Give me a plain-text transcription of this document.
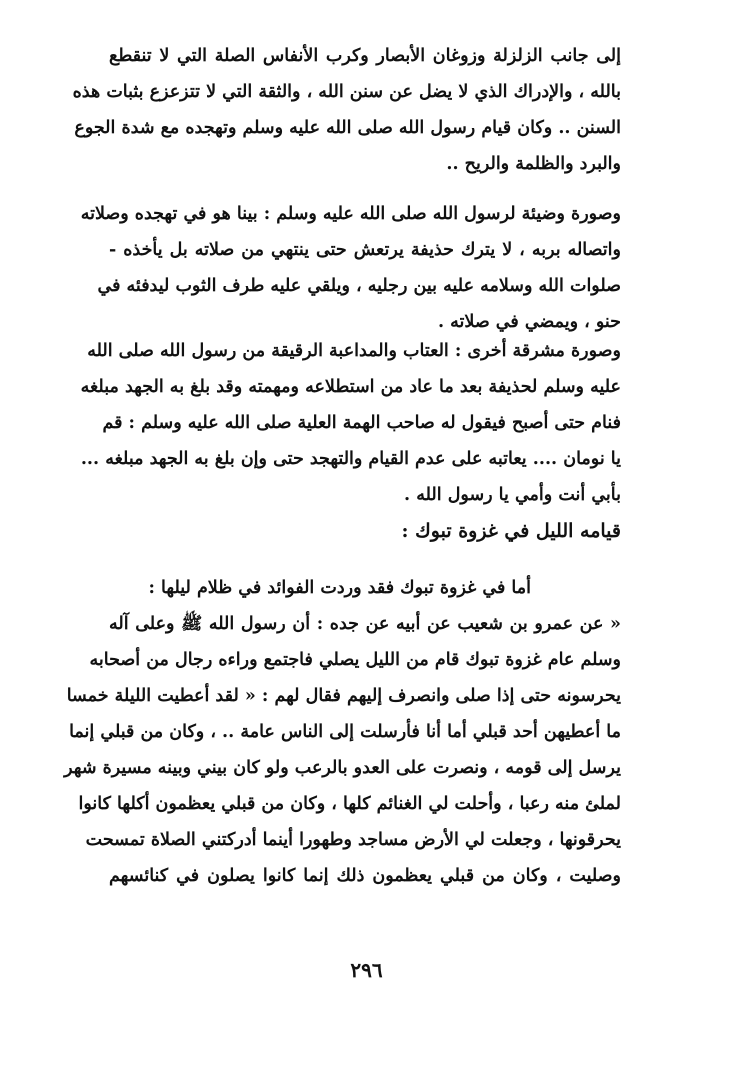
إلى جانب الزلزلة وزوغان الأبصار وكرب الأنفاس الصلة التي لا تنقطع
بالله ، والإدراك الذي لا يضل عن سنن الله ، والثقة التي لا تتزعزع بثبات هذه
السنن .. وكان قيام رسول الله صلى الله عليه وسلم وتهجده مع شدة الجوع
والبرد والظلمة والريح ..
وصورة وضيئة لرسول الله صلى الله عليه وسلم : بينا هو في تهجده وصلاته
واتصاله بربه ، لا يترك حذيفة يرتعش حتى ينتهي من صلاته بل يأخذه -
صلوات الله وسلامه عليه بين رجليه ، ويلقي عليه طرف الثوب ليدفئه في
حنو ، ويمضي في صلاته .
وصورة مشرقة أخرى : العتاب والمداعبة الرقيقة من رسول الله صلى الله
عليه وسلم لحذيفة بعد ما عاد من استطلاعه ومهمته وقد بلغ به الجهد مبلغه
فنام حتى أصبح فيقول له صاحب الهمة العلية صلى الله عليه وسلم : قم
يا نومان .... يعاتبه على عدم القيام والتهجد حتى وإن بلغ به الجهد مبلغه ...
بأبي أنت وأمي يا رسول الله .
قيامه الليل في غزوة تبوك :
أما في غزوة تبوك فقد وردت الفوائد في ظلام ليلها :
« عن عمرو بن شعيب عن أبيه عن جده : أن رسول الله ﷺ وعلى آله
وسلم عام غزوة تبوك قام من الليل يصلي فاجتمع وراءه رجال من أصحابه
يحرسونه حتى إذا صلى وانصرف إليهم فقال لهم : « لقد أعطيت الليلة خمسا
ما أعطيهن أحد قبلي أما أنا فأرسلت إلى الناس عامة .. ، وكان من قبلي إنما
يرسل إلى قومه ، ونصرت على العدو بالرعب ولو كان بيني وبينه مسيرة شهر
لملئ منه رعبا ، وأحلت لي الغنائم كلها ، وكان من قبلي يعظمون أكلها كانوا
يحرقونها ، وجعلت لي الأرض مساجد وطهورا أينما أدركتني الصلاة تمسحت
وصليت ، وكان من قبلي يعظمون ذلك إنما كانوا يصلون في كنائسهم
٢٩٦
